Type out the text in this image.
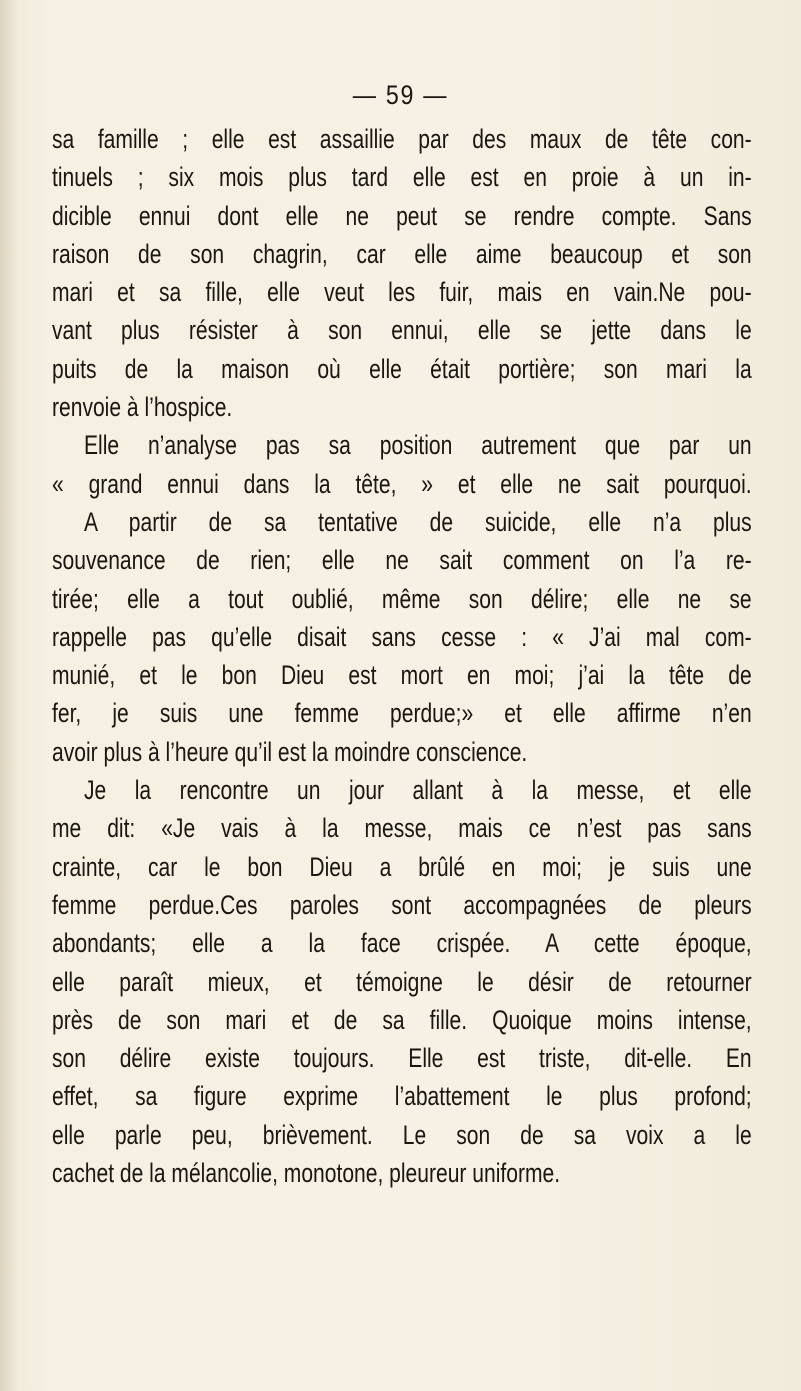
— 59 —
sa famille ; elle est assaillie par des maux de tête con-
tinuels ; six mois plus tard elle est en proie à un in-
dicible ennui dont elle ne peut se rendre compte. Sans
raison de son chagrin, car elle aime beaucoup et son
mari et sa fille, elle veut les fuir, mais en vain.Ne pou-
vant plus résister à son ennui, elle se jette dans le
puits de la maison où elle était portière; son mari la
renvoie à l’hospice.
Elle n’analyse pas sa position autrement que par un
« grand ennui dans la tête, » et elle ne sait pourquoi.
A partir de sa tentative de suicide, elle n’a plus
souvenance de rien; elle ne sait comment on l’a re-
tirée; elle a tout oublié, même son délire; elle ne se
rappelle pas qu’elle disait sans cesse : « J’ai mal com-
munié, et le bon Dieu est mort en moi; j’ai la tête de
fer, je suis une femme perdue;» et elle affirme n’en
avoir plus à l’heure qu’il est la moindre conscience.
Je la rencontre un jour allant à la messe, et elle
me dit: «Je vais à la messe, mais ce n’est pas sans
crainte, car le bon Dieu a brûlé en moi; je suis une
femme perdue.Ces paroles sont accompagnées de pleurs
abondants; elle a la face crispée. A cette époque,
elle paraît mieux, et témoigne le désir de retourner
près de son mari et de sa fille. Quoique moins intense,
son délire existe toujours. Elle est triste, dit-elle. En
effet, sa figure exprime l’abattement le plus profond;
elle parle peu, brièvement. Le son de sa voix a le
cachet de la mélancolie, monotone, pleureur uniforme.
